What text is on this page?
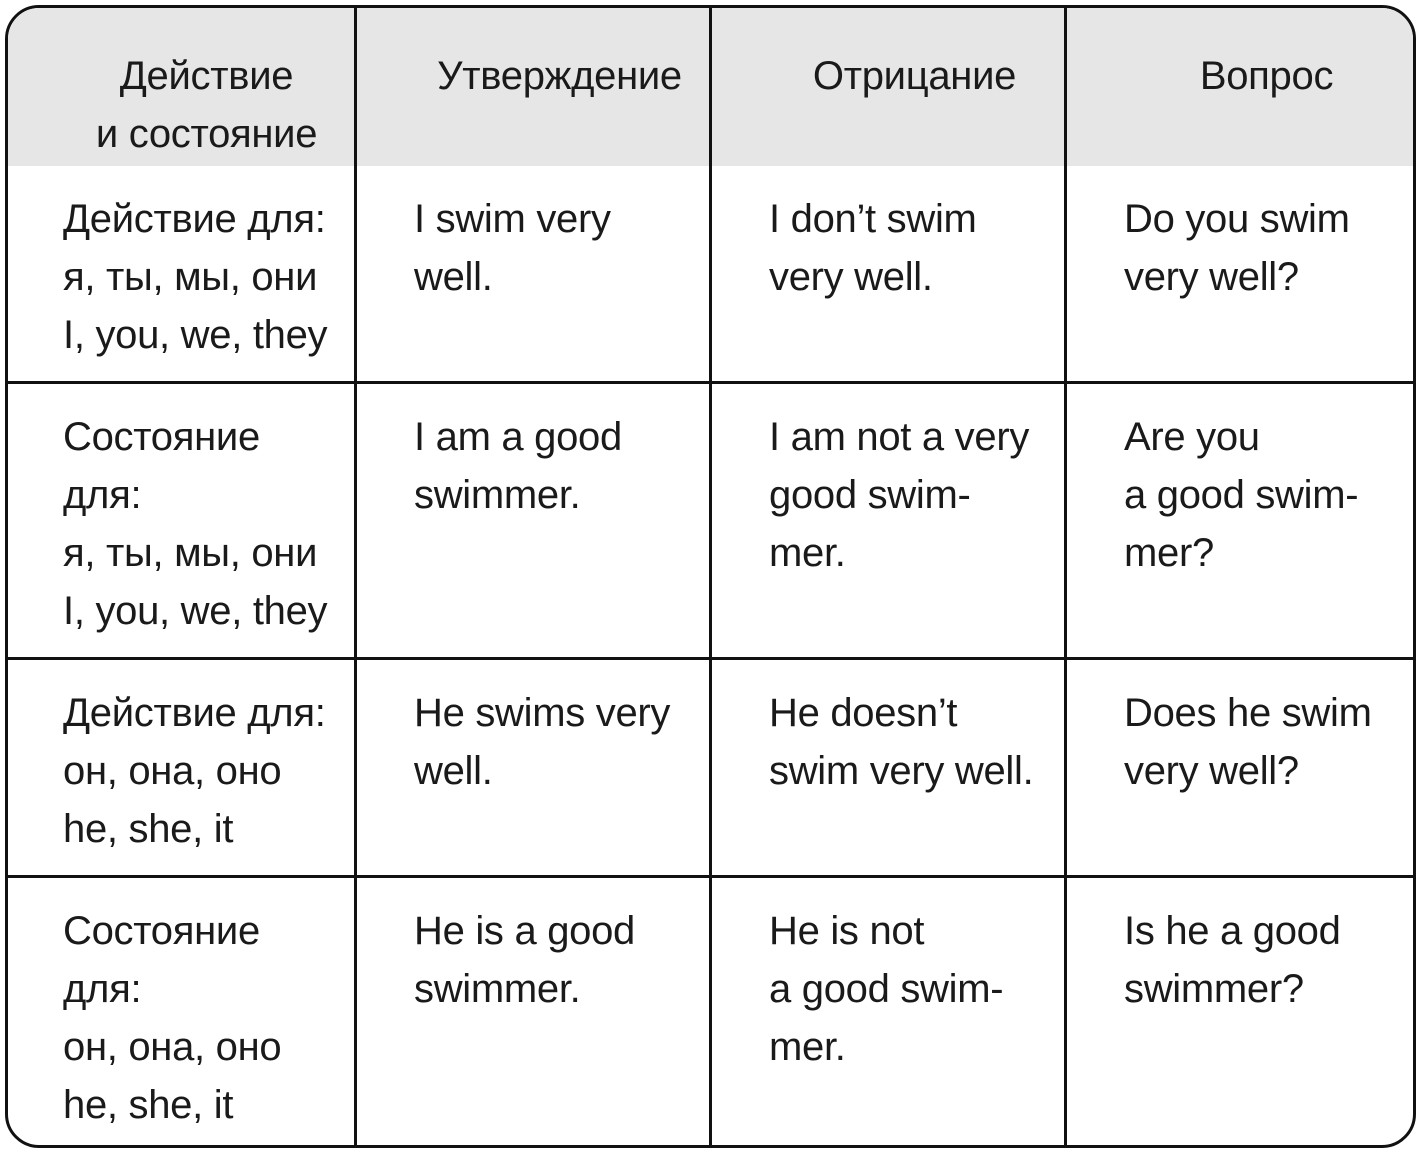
Действие
и состояние
Утверждение	Отрицание	Вопрос
Действие для:
я, ты, мы, они
I, you, we, they
I swim very
well.
I don’t swim
very well.
Do you swim
very well?
Состояние
для:
я, ты, мы, они
I, you, we, they
I am a good
swimmer.
I am not a very
good swim-
mer.
Are you
a good swim-
mer?
Действие для:
он, она, оно
he, she, it
He swims very
well.
He doesn’t
swim very well.
Does he swim
very well?
Состояние
для:
он, она, оно
he, she, it
He is a good
swimmer.
He is not
a good swim-
mer.
Is he a good
swimmer?
